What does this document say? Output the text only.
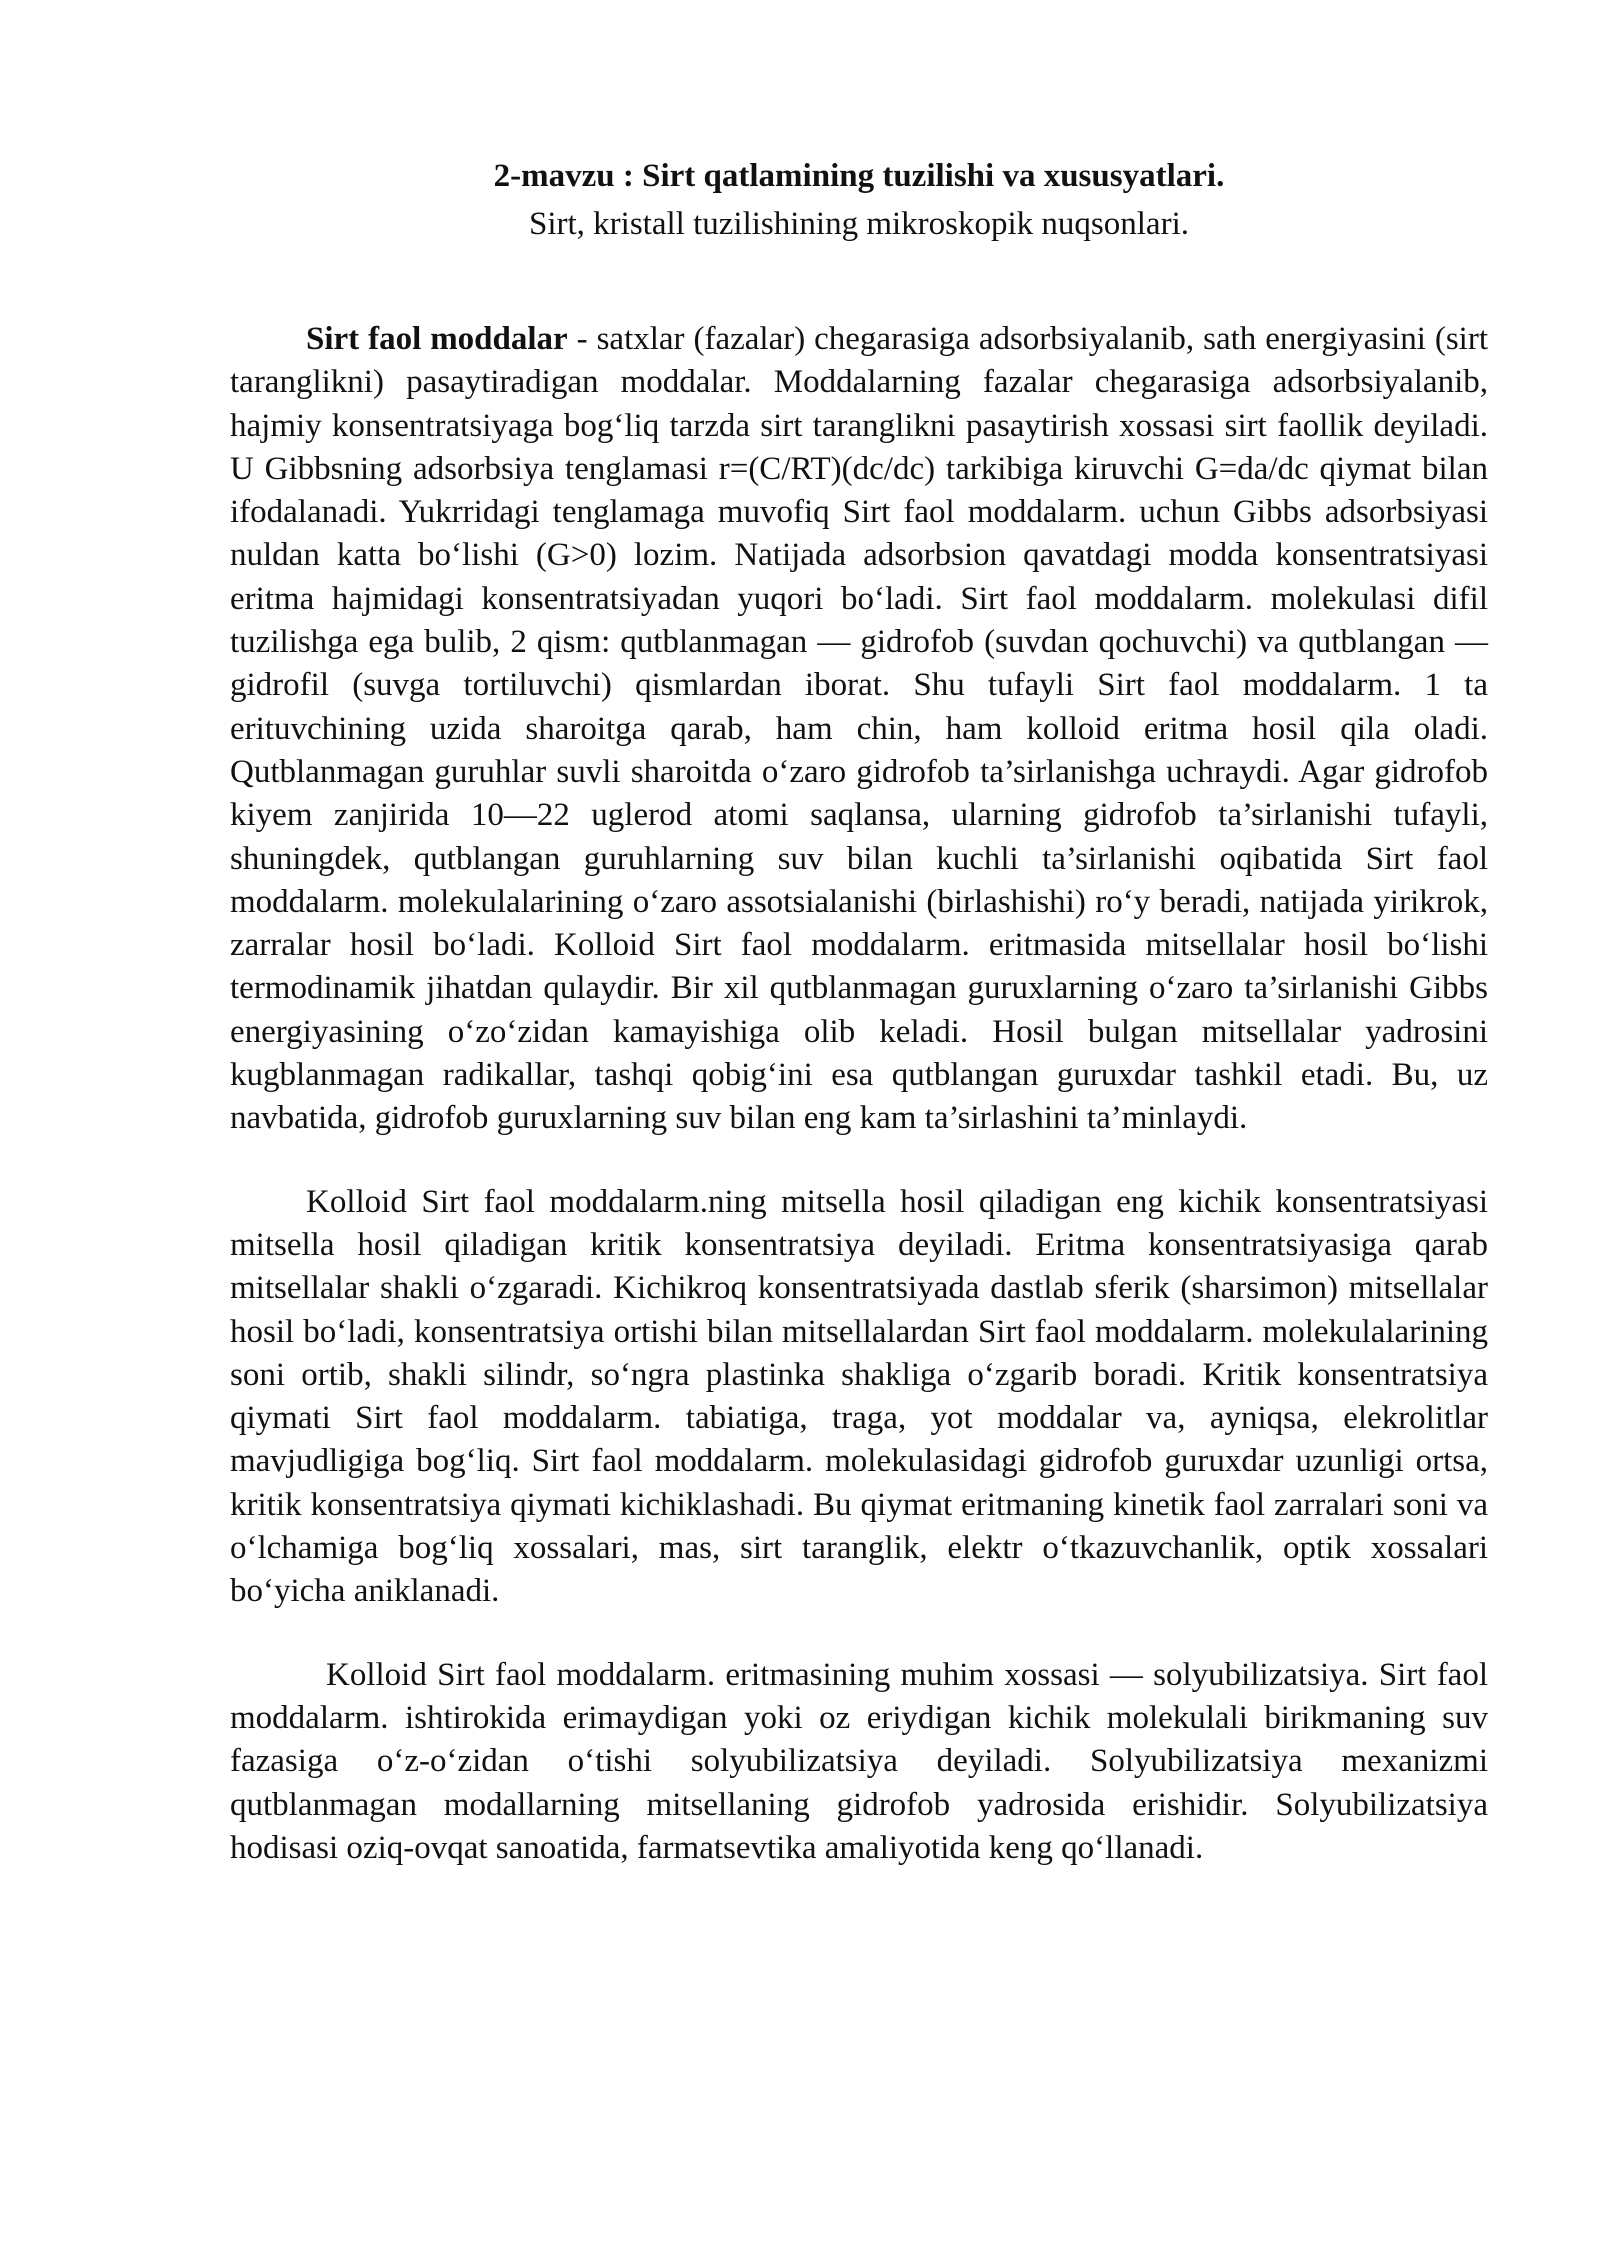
2-mavzu : Sirt qatlamining tuzilishi va xususyatlari.

Sirt, kristall tuzilishining mikroskopik nuqsonlari.

Sirt faol moddalar - satxlar (fazalar) chegarasiga adsorbsiyalanib, sath energiyasini (sirt taranglikni) pasaytiradigan moddalar. Moddalarning fazalar chegarasiga adsorbsiyalanib, hajmiy konsentratsiyaga bog‘liq tarzda sirt taranglikni pasaytirish xossasi sirt faollik deyiladi. U Gibbsning adsorbsiya tenglamasi r=(C/RT)(dc/dc) tarkibiga kiruvchi G=da/dc qiymat bilan ifodalanadi. Yukrridagi tenglamaga muvofiq Sirt faol moddalarm. uchun Gibbs adsorbsiyasi nuldan katta bo‘lishi (G>0) lozim. Natijada adsorbsion qavatdagi modda konsentratsiyasi eritma hajmidagi konsentratsiyadan yuqori bo‘ladi. Sirt faol moddalarm. molekulasi difil tuzilishga ega bulib, 2 qism: qutblanmagan — gidrofob (suvdan qochuvchi) va qutblangan — gidrofil (suvga tortiluvchi) qismlardan iborat. Shu tufayli Sirt faol moddalarm. 1 ta erituvchining uzida sharoitga qarab, ham chin, ham kolloid eritma hosil qila oladi. Qutblanmagan guruhlar suvli sharoitda o‘zaro gidrofob ta’sirlanishga uchraydi. Agar gidrofob kiyem zanjirida 10—22 uglerod atomi saqlansa, ularning gidrofob ta’sirlanishi tufayli, shuningdek, qutblangan guruhlarning suv bilan kuchli ta’sirlanishi oqibatida Sirt faol moddalarm. molekulalarining o‘zaro assotsialanishi (birlashishi) ro‘y beradi, natijada yirikrok, zarralar hosil bo‘ladi. Kolloid Sirt faol moddalarm. eritmasida mitsellalar hosil bo‘lishi termodinamik jihatdan qulaydir. Bir xil qutblanmagan guruxlarning o‘zaro ta’sirlanishi Gibbs energiyasining o‘zo‘zidan kamayishiga olib keladi. Hosil bulgan mitsellalar yadrosini kugblanmagan radikallar, tashqi qobig‘ini esa qutblangan guruxdar tashkil etadi. Bu, uz navbatida, gidrofob guruxlarning suv bilan eng kam ta’sirlashini ta’minlaydi.

Kolloid Sirt faol moddalarm.ning mitsella hosil qiladigan eng kichik konsentratsiyasi mitsella hosil qiladigan kritik konsentratsiya deyiladi. Eritma konsentratsiyasiga qarab mitsellalar shakli o‘zgaradi. Kichikroq konsentratsiyada dastlab sferik (sharsimon) mitsellalar hosil bo‘ladi, konsentratsiya ortishi bilan mitsellalardan Sirt faol moddalarm. molekulalarining soni ortib, shakli silindr, so‘ngra plastinka shakliga o‘zgarib boradi. Kritik konsentratsiya qiymati Sirt faol moddalarm. tabiatiga, traga, yot moddalar va, ayniqsa, elekrolitlar mavjudligiga bog‘liq. Sirt faol moddalarm. molekulasidagi gidrofob guruxdar uzunligi ortsa, kritik konsentratsiya qiymati kichiklashadi. Bu qiymat eritmaning kinetik faol zarralari soni va o‘lchamiga bog‘liq xossalari, mas, sirt taranglik, elektr o‘tkazuvchanlik, optik xossalari bo‘yicha aniklanadi.

Kolloid Sirt faol moddalarm. eritmasining muhim xossasi — solyubilizatsiya. Sirt faol moddalarm. ishtirokida erimaydigan yoki oz eriydigan kichik molekulali birikmaning suv fazasiga o‘z-o‘zidan o‘tishi solyubilizatsiya deyiladi. Solyubilizatsiya mexanizmi qutblanmagan modallarning mitsellaning gidrofob yadrosida erishidir. Solyubilizatsiya hodisasi oziq-ovqat sanoatida, farmatsevtika amaliyotida keng qo‘llanadi.
